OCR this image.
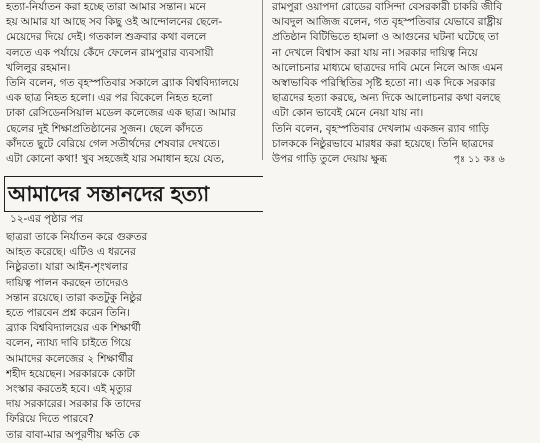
হত্যা-নির্যাতন করা হচ্ছে তারা আমার সন্তান। মনে

হয় আমার যা আছে সব কিছু ওই আন্দোলনের ছেলে-

মেয়েদের দিয়ে দেই। গতকাল শুক্রবার কথা বললে

বলতে এক পর্যায়ে কেঁদে ফেলেন রামপুরার ব্যবসায়ী

খলিলুর রহমান।

তিনি বলেন, গত বৃহস্পতিবার সকালে ব্র্যাক বিশ্ববিদ্যালয়ে

এক ছাত্র নিহত হলো। এর পর বিকেলে নিহত হলো

ঢাকা রেসিডেনসিয়াল মডেল কলেজের এক ছাত্র। আমার

ছেলের দুই শিক্ষাপ্রতিষ্ঠানের সুজন। ছেলে কাঁদতে

কাঁদতে ছুটে বেরিয়ে গেল সতীর্থদের শেষবার দেখতে।

এটা কোনো কথা! খুব সহজেই যার সমাধান হয়ে যেত,

রামপুরা ওয়াপদা রোডের বাসিন্দা বেসরকারী চাকরি জীবি

আবদুল আজিজ বলেন, গত বৃহস্পতিবার যেভাবে রাষ্ট্রীয়

প্রতিষ্ঠান বিটিভিতে হামলা ও আগুনের ঘটনা ঘটেছে তা

না দেখলে বিশ্বাস করা যায় না। সরকার দায়িত্ব নিয়ে

আলোচনার মাধ্যমে ছাত্রদের দাবি মেনে নিলে আজ এমন

অস্বাভাবিক পরিস্থিতির সৃষ্টি হতো না। এক দিকে সরকার

ছাত্রদের হত্যা করছে, অন্য দিকে আলোচনার কথা বলছে

এটা কোন ভাবেই মেনে নেয়া যায় না।

তিনি বলেন, বৃহস্পতিবার দেখলাম একজন র‍্যাব গাড়ি

চালককে নিষ্ঠুরভাবে মারধর করা হয়েছে। তিনি ছাত্রদের

উপর গাড়ি তুলে দেয়ায় ক্ষুব্ধ	পৃঃ ১১ কঃ ৬

আমাদের সন্তানদের হত্যা
১২-এর পৃষ্ঠার পর

ছাত্ররা তাকে নির্যাতন করে গুরুতর

আহত করেছে। এটিও এ ধরনের

নিষ্ঠুরতা। যারা আইন-শৃংখলার

দায়িত্ব পালন করছেন তাদেরও

সন্তান রয়েছে। তারা কতটুকু নিষ্ঠুর

হতে পারবেন প্রশ্ন করেন তিনি।

ব্র্যাক বিশ্ববিদ্যালয়ের এক শিক্ষার্থী

বলেন, ন্যায্য দাবি চাইতে গিয়ে

আমাদের কলেজের ২ শিক্ষার্থীর

শহীদ হয়েছেন। সরকারকে কোটা

সংস্কার করতেই হবে। এই মৃত্যুর

দায় সরকারের। সরকার কি তাদের

ফিরিয়ে দিতে পারবে?

তার বাবা-মার অপূরণীয় ক্ষতি কে
